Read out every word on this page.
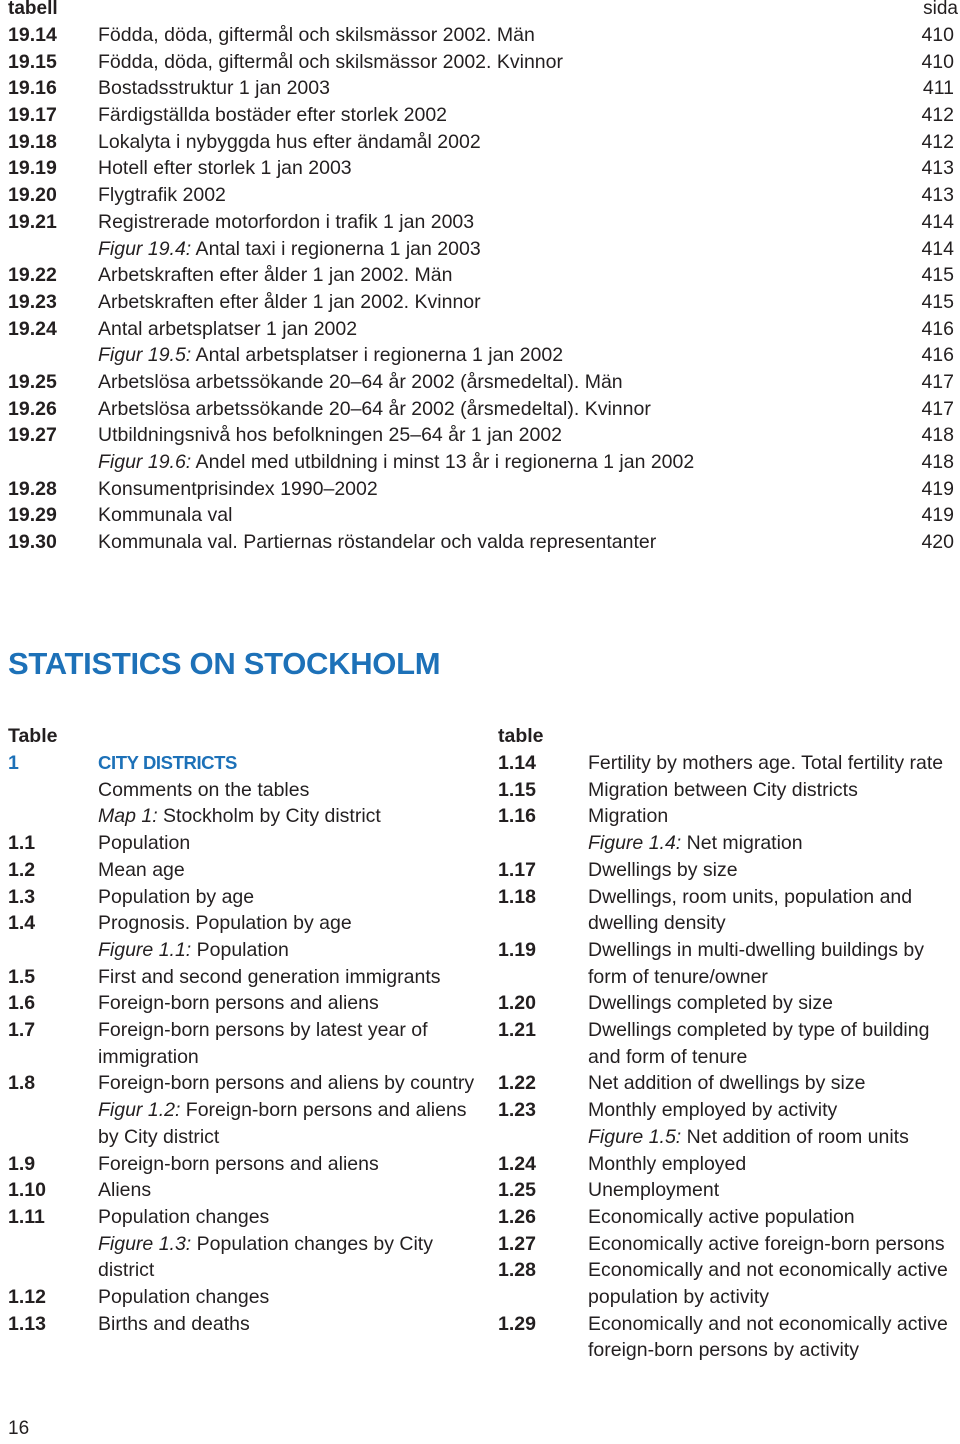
tabell	sida
19.14 Födda, döda, giftermål och skilsmässor 2002. Män	410
19.15 Födda, döda, giftermål och skilsmässor 2002. Kvinnor	410
19.16 Bostadsstruktur 1 jan 2003	411
19.17 Färdigställda bostäder efter storlek 2002	412
19.18 Lokalyta i nybyggda hus efter ändamål 2002	412
19.19 Hotell efter storlek 1 jan 2003	413
19.20 Flygtrafik 2002	413
19.21 Registrerade motorfordon i trafik 1 jan 2003	414
Figur 19.4: Antal taxi i regionerna 1 jan 2003	414
19.22 Arbetskraften efter ålder 1 jan 2002. Män	415
19.23 Arbetskraften efter ålder 1 jan 2002. Kvinnor	415
19.24 Antal arbetsplatser 1 jan 2002	416
Figur 19.5: Antal arbetsplatser i regionerna 1 jan 2002	416
19.25 Arbetslösa arbetssökande 20–64 år 2002 (årsmedeltal). Män	417
19.26 Arbetslösa arbetssökande 20–64 år 2002 (årsmedeltal). Kvinnor	417
19.27 Utbildningsnivå hos befolkningen 25–64 år 1 jan 2002	418
Figur 19.6: Andel med utbildning i minst 13 år i regionerna 1 jan 2002	418
19.28 Konsumentprisindex 1990–2002	419
19.29 Kommunala val	419
19.30 Kommunala val. Partiernas röstandelar och valda representanter	420
STATISTICS ON STOCKHOLM
Table
1	CITY DISTRICTS
Comments on the tables
Map 1: Stockholm by City district
1.1	Population
1.2	Mean age
1.3	Population by age
1.4	Prognosis. Population by age
Figure 1.1: Population
1.5	First and second generation immigrants
1.6	Foreign-born persons and aliens
1.7	Foreign-born persons by latest year of immigration
1.8	Foreign-born persons and aliens by country
Figur 1.2: Foreign-born persons and aliens by City district
1.9	Foreign-born persons and aliens
1.10	Aliens
1.11	Population changes
Figure 1.3: Population changes by City district
1.12	Population changes
1.13	Births and deaths
table
1.14	Fertility by mothers age. Total fertility rate
1.15	Migration between City districts
1.16	Migration
Figure 1.4: Net migration
1.17	Dwellings by size
1.18	Dwellings, room units, population and dwelling density
1.19	Dwellings in multi-dwelling buildings by form of tenure/owner
1.20	Dwellings completed by size
1.21	Dwellings completed by type of building and form of tenure
1.22	Net addition of dwellings by size
1.23	Monthly employed by activity
Figure 1.5: Net addition of room units
1.24	Monthly employed
1.25	Unemployment
1.26	Economically active population
1.27	Economically active foreign-born persons
1.28	Economically and not economically active population by activity
1.29	Economically and not economically active foreign-born persons by activity
16
